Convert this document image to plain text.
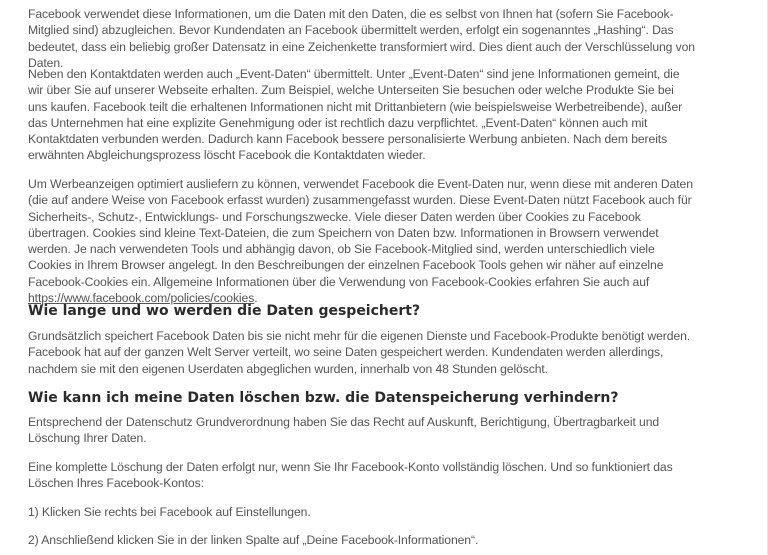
Facebook verwendet diese Informationen, um die Daten mit den Daten, die es selbst von Ihnen hat (sofern Sie Facebook-Mitglied sind) abzugleichen. Bevor Kundendaten an Facebook übermittelt werden, erfolgt ein sogenanntes „Hashing“. Das bedeutet, dass ein beliebig großer Datensatz in eine Zeichenkette transformiert wird. Dies dient auch der Verschlüsselung von Daten.

Neben den Kontaktdaten werden auch „Event-Daten“ übermittelt. Unter „Event-Daten“ sind jene Informationen gemeint, die wir über Sie auf unserer Webseite erhalten. Zum Beispiel, welche Unterseiten Sie besuchen oder welche Produkte Sie bei uns kaufen. Facebook teilt die erhaltenen Informationen nicht mit Drittanbietern (wie beispielsweise Werbetreibende), außer das Unternehmen hat eine explizite Genehmigung oder ist rechtlich dazu verpflichtet. „Event-Daten“ können auch mit Kontaktdaten verbunden werden. Dadurch kann Facebook bessere personalisierte Werbung anbieten. Nach dem bereits erwähnten Abgleichungsprozess löscht Facebook die Kontaktdaten wieder.

Um Werbeanzeigen optimiert ausliefern zu können, verwendet Facebook die Event-Daten nur, wenn diese mit anderen Daten (die auf andere Weise von Facebook erfasst wurden) zusammengefasst wurden. Diese Event-Daten nützt Facebook auch für Sicherheits-, Schutz-, Entwicklungs- und Forschungszwecke. Viele dieser Daten werden über Cookies zu Facebook übertragen. Cookies sind kleine Text-Dateien, die zum Speichern von Daten bzw. Informationen in Browsern verwendet werden. Je nach verwendeten Tools und abhängig davon, ob Sie Facebook-Mitglied sind, werden unterschiedlich viele Cookies in Ihrem Browser angelegt. In den Beschreibungen der einzelnen Facebook Tools gehen wir näher auf einzelne Facebook-Cookies ein. Allgemeine Informationen über die Verwendung von Facebook-Cookies erfahren Sie auch auf https://www.facebook.com/policies/cookies.

Wie lange und wo werden die Daten gespeichert?

Grundsätzlich speichert Facebook Daten bis sie nicht mehr für die eigenen Dienste und Facebook-Produkte benötigt werden. Facebook hat auf der ganzen Welt Server verteilt, wo seine Daten gespeichert werden. Kundendaten werden allerdings, nachdem sie mit den eigenen Userdaten abgeglichen wurden, innerhalb von 48 Stunden gelöscht.

Wie kann ich meine Daten löschen bzw. die Datenspeicherung verhindern?

Entsprechend der Datenschutz Grundverordnung haben Sie das Recht auf Auskunft, Berichtigung, Übertragbarkeit und Löschung Ihrer Daten.

Eine komplette Löschung der Daten erfolgt nur, wenn Sie Ihr Facebook-Konto vollständig löschen. Und so funktioniert das Löschen Ihres Facebook-Kontos:

1) Klicken Sie rechts bei Facebook auf Einstellungen.

2) Anschließend klicken Sie in der linken Spalte auf „Deine Facebook-Informationen“.
